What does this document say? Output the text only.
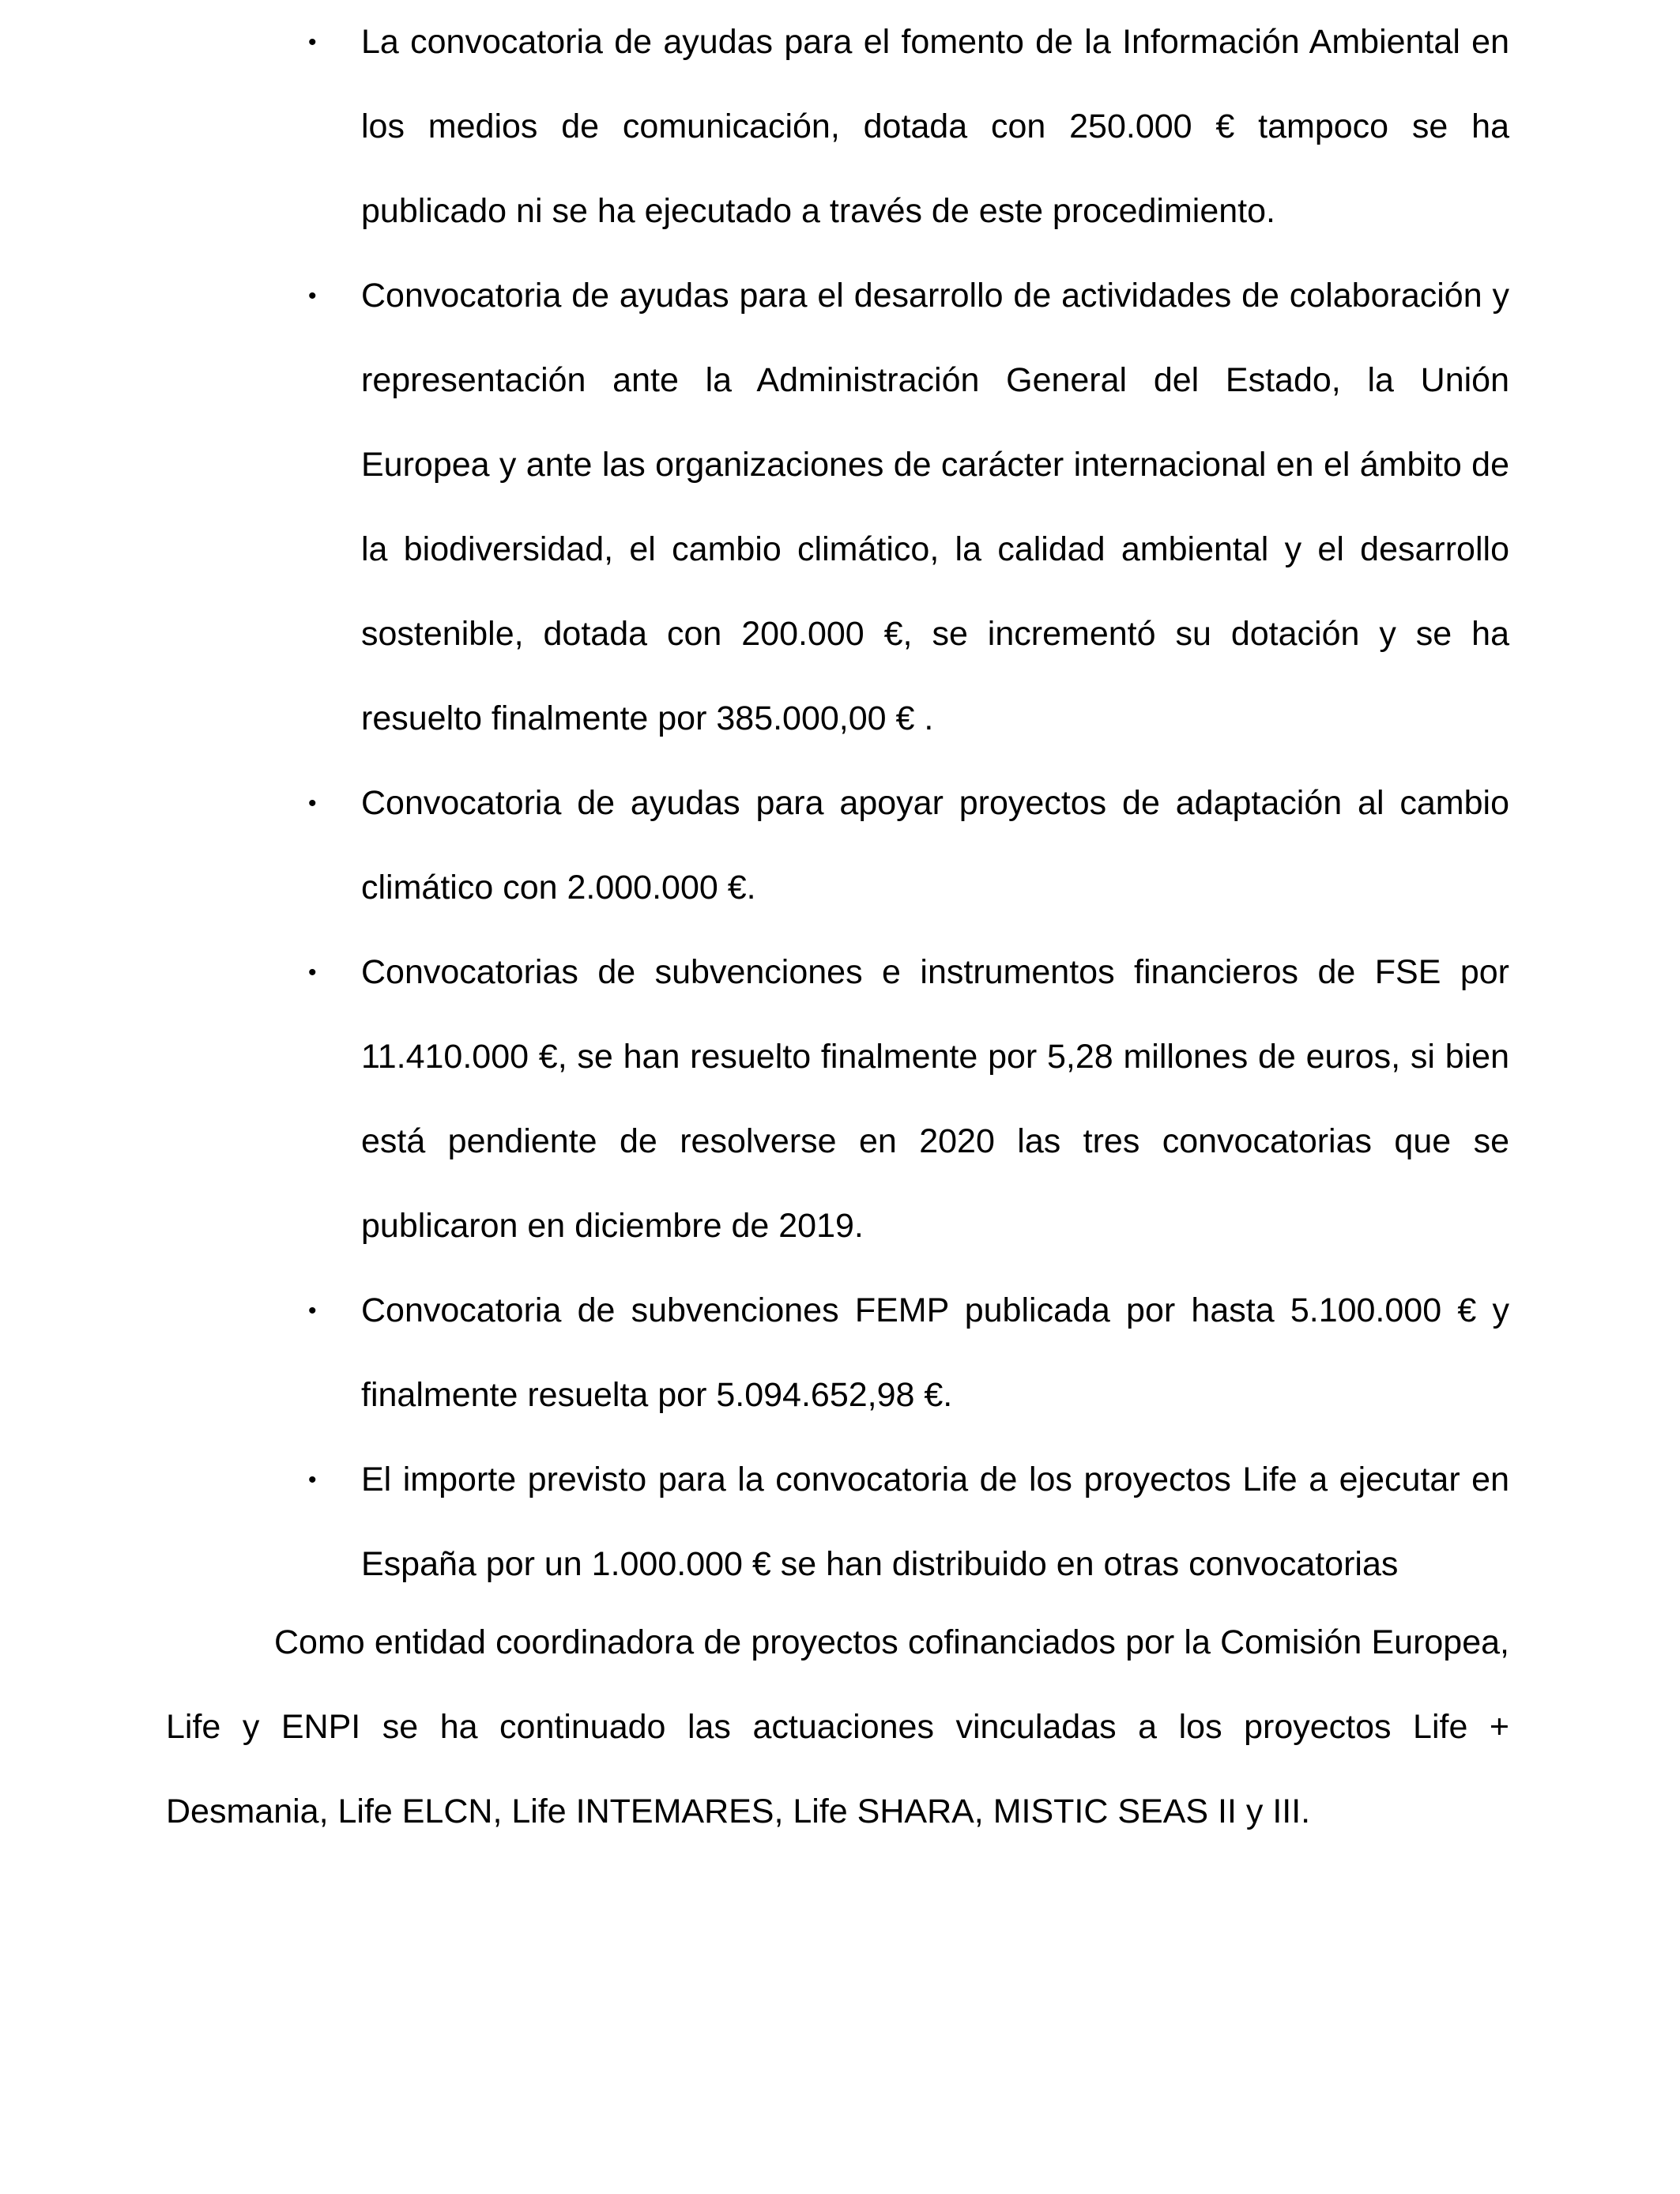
•	La convocatoria de ayudas para el fomento de la Información Ambiental en los medios de comunicación, dotada con 250.000 € tampoco se ha publicado ni se ha ejecutado a través de este procedimiento.
•	Convocatoria de ayudas para el desarrollo de actividades de colaboración y representación ante la Administración General del Estado, la Unión Europea y ante las organizaciones de carácter internacional en el ámbito de la biodiversidad, el cambio climático, la calidad ambiental y el desarrollo sostenible, dotada con 200.000 €, se incrementó su dotación y se ha resuelto finalmente por 385.000,00 € .
•	Convocatoria de ayudas para apoyar proyectos de adaptación al cambio climático con 2.000.000 €.
•	Convocatorias de subvenciones e instrumentos financieros de FSE por 11.410.000 €, se han resuelto finalmente por 5,28 millones de euros, si bien está pendiente de resolverse en 2020 las tres convocatorias que se publicaron en diciembre de 2019.
•	Convocatoria de subvenciones FEMP publicada por hasta 5.100.000 € y finalmente resuelta por 5.094.652,98 €.
•	El importe previsto para la convocatoria de los proyectos Life a ejecutar en España por un 1.000.000 € se han distribuido en otras convocatorias

Como entidad coordinadora de proyectos cofinanciados por la Comisión Europea, Life y ENPI se ha continuado las actuaciones vinculadas a los proyectos Life + Desmania, Life ELCN, Life INTEMARES, Life SHARA, MISTIC SEAS II y III.
